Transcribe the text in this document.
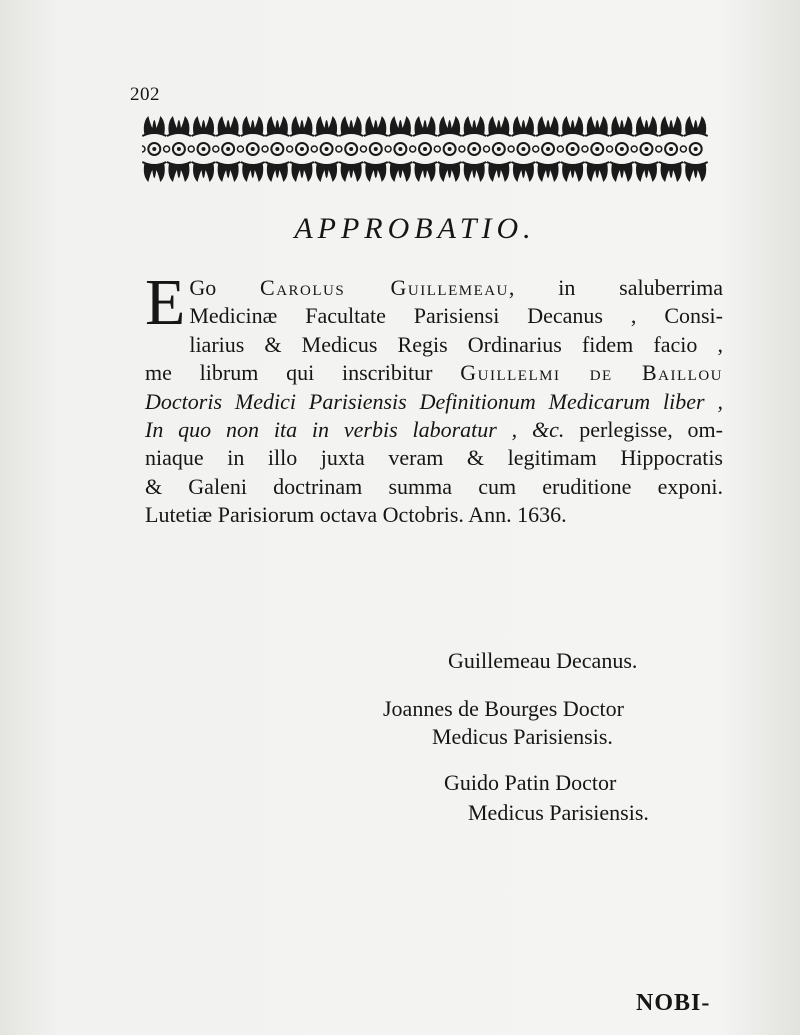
202
APPROBATIO.
E Go Carolus Guillemeau, in saluberrima
Medicinæ Facultate Parisiensi Decanus , Consi-
liarius & Medicus Regis Ordinarius fidem facio ,
me librum qui inscribitur Guillelmi de Baillou
Doctoris Medici Parisiensis Definitionum Medicarum liber ,
In quo non ita in verbis laboratur , &c. perlegisse, om-
niaque in illo juxta veram & legitimam Hippocratis
& Galeni doctrinam summa cum eruditione exponi.
Lutetiæ Parisiorum octava Octobris. Ann. 1636.
Guillemeau Decanus.
Joannes de Bourges Doctor
Medicus Parisiensis.
Guido Patin Doctor
Medicus Parisiensis.
NOBI-
